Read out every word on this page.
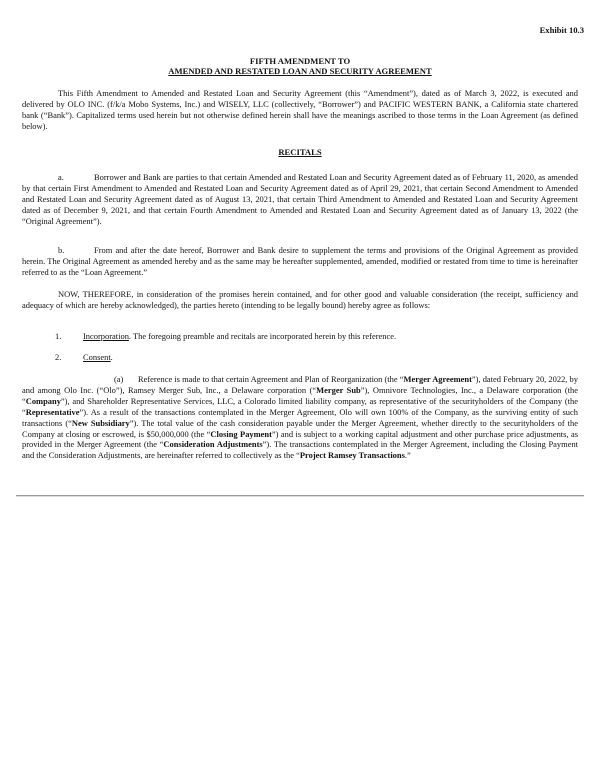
Exhibit 10.3
FIFTH AMENDMENT TO
AMENDED AND RESTATED LOAN AND SECURITY AGREEMENT
This Fifth Amendment to Amended and Restated Loan and Security Agreement (this “Amendment”), dated as of March 3, 2022, is executed and delivered by OLO INC. (f/k/a Mobo Systems, Inc.) and WISELY, LLC (collectively, “Borrower”) and PACIFIC WESTERN BANK, a California state chartered bank (“Bank”). Capitalized terms used herein but not otherwise defined herein shall have the meanings ascribed to those terms in the Loan Agreement (as defined below).
RECITALS
a.	Borrower and Bank are parties to that certain Amended and Restated Loan and Security Agreement dated as of February 11, 2020, as amended by that certain First Amendment to Amended and Restated Loan and Security Agreement dated as of April 29, 2021, that certain Second Amendment to Amended and Restated Loan and Security Agreement dated as of August 13, 2021, that certain Third Amendment to Amended and Restated Loan and Security Agreement dated as of December 9, 2021, and that certain Fourth Amendment to Amended and Restated Loan and Security Agreement dated as of January 13, 2022 (the “Original Agreement”).
b.	From and after the date hereof, Borrower and Bank desire to supplement the terms and provisions of the Original Agreement as provided herein. The Original Agreement as amended hereby and as the same may be hereafter supplemented, amended, modified or restated from time to time is hereinafter referred to as the “Loan Agreement.”
NOW, THEREFORE, in consideration of the promises herein contained, and for other good and valuable consideration (the receipt, sufficiency and adequacy of which are hereby acknowledged), the parties hereto (intending to be legally bound) hereby agree as follows:
1.	Incorporation. The foregoing preamble and recitals are incorporated herein by this reference.
2.	Consent.
(a) Reference is made to that certain Agreement and Plan of Reorganization (the “Merger Agreement”), dated February 20, 2022, by and among Olo Inc. (“Olo”), Ramsey Merger Sub, Inc., a Delaware corporation (“Merger Sub”), Omnivore Technologies, Inc., a Delaware corporation (the “Company”), and Shareholder Representative Services, LLC, a Colorado limited liability company, as representative of the securityholders of the Company (the “Representative”). As a result of the transactions contemplated in the Merger Agreement, Olo will own 100% of the Company, as the surviving entity of such transactions (“New Subsidiary”). The total value of the cash consideration payable under the Merger Agreement, whether directly to the securityholders of the Company at closing or escrowed, is $50,000,000 (the “Closing Payment”) and is subject to a working capital adjustment and other purchase price adjustments, as provided in the Merger Agreement (the “Consideration Adjustments”). The transactions contemplated in the Merger Agreement, including the Closing Payment and the Consideration Adjustments, are hereinafter referred to collectively as the “Project Ramsey Transactions.”
